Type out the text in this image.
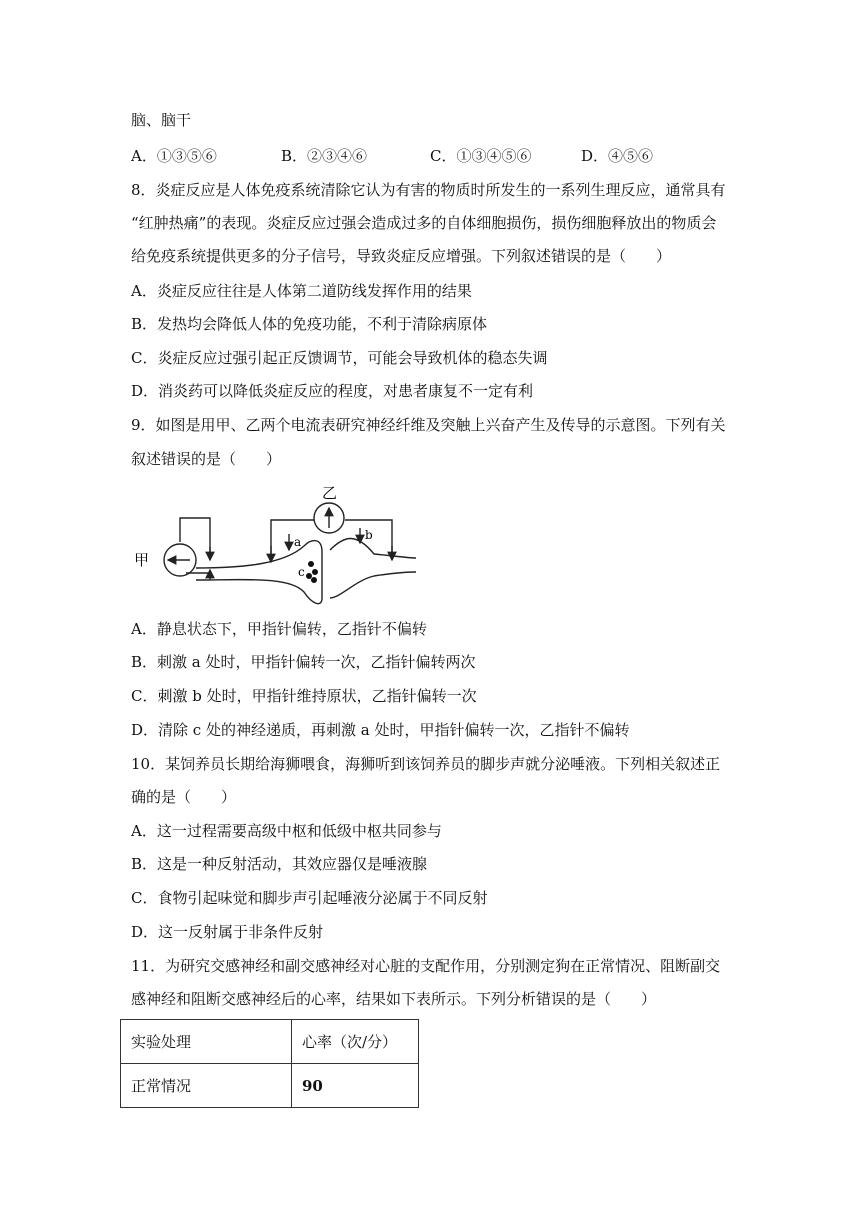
脑、脑干
A．①③⑤⑥	B．②③④⑥	C．①③④⑤⑥	D．④⑤⑥
8．炎症反应是人体免疫系统清除它认为有害的物质时所发生的一系列生理反应，通常具有
“红肿热痛”的表现。炎症反应过强会造成过多的自体细胞损伤，损伤细胞释放出的物质会
给免疫系统提供更多的分子信号，导致炎症反应增强。下列叙述错误的是（　　）
A．炎症反应往往是人体第二道防线发挥作用的结果
B．发热均会降低人体的免疫功能，不利于清除病原体
C．炎症反应过强引起正反馈调节，可能会导致机体的稳态失调
D．消炎药可以降低炎症反应的程度，对患者康复不一定有利
9．如图是用甲、乙两个电流表研究神经纤维及突触上兴奋产生及传导的示意图。下列有关
叙述错误的是（　　）
甲
乙
a	b
c
A．静息状态下，甲指针偏转，乙指针不偏转
B．刺激 a 处时，甲指针偏转一次，乙指针偏转两次
C．刺激 b 处时，甲指针维持原状，乙指针偏转一次
D．清除 c 处的神经递质，再刺激 a 处时，甲指针偏转一次，乙指针不偏转
10．某饲养员长期给海狮喂食，海狮听到该饲养员的脚步声就分泌唾液。下列相关叙述正
确的是（　　）
A．这一过程需要高级中枢和低级中枢共同参与
B．这是一种反射活动，其效应器仅是唾液腺
C．食物引起味觉和脚步声引起唾液分泌属于不同反射
D．这一反射属于非条件反射
11．为研究交感神经和副交感神经对心脏的支配作用，分别测定狗在正常情况、阻断副交
感神经和阻断交感神经后的心率，结果如下表所示。下列分析错误的是（　　）
实验处理	心率（次/分）
正常情况	90
